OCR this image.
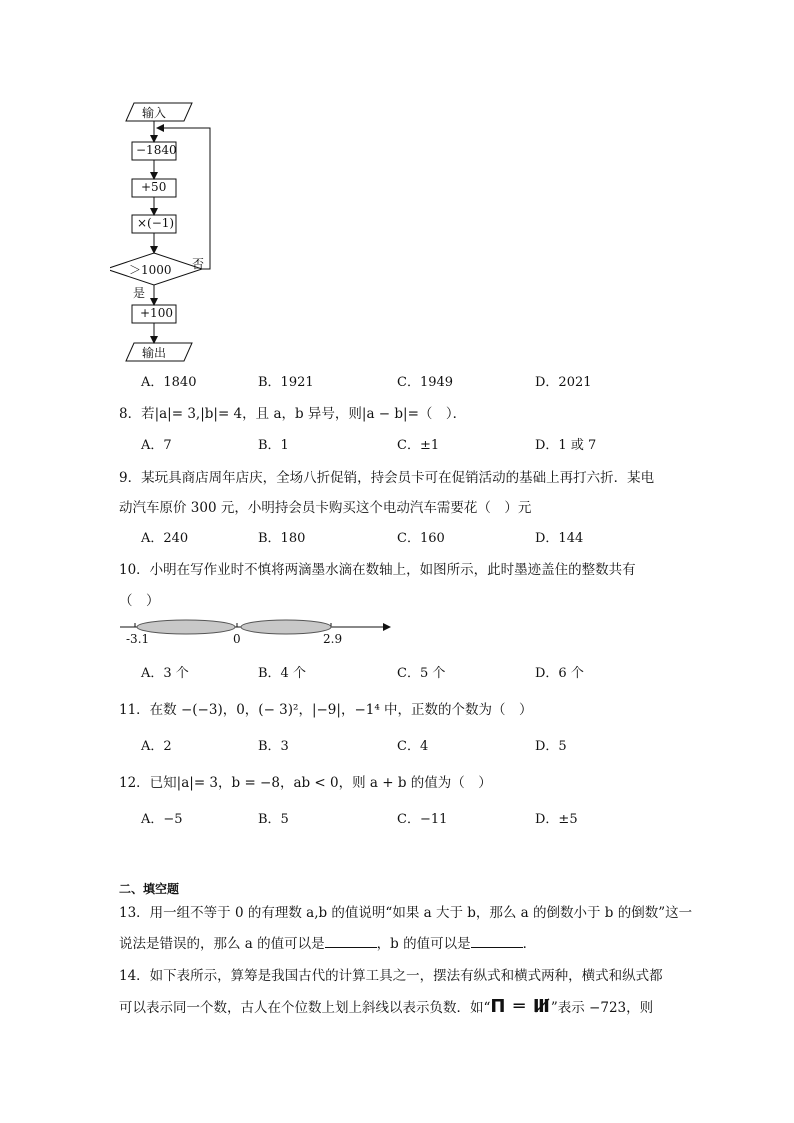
输入
−1840
+50
×(−1)
＞1000 否
是
+100
输出
A．1840	B．1921	C．1949	D．2021
8．若|a|= 3,|b|= 4，且 a，b 异号，则|a − b|=（　）．
A．7	B．1	C．±1	D．1 或 7
9．某玩具商店周年店庆，全场八折促销，持会员卡可在促销活动的基础上再打六折．某电
动汽车原价 300 元，小明持会员卡购买这个电动汽车需要花（　）元
A．240	B．180	C．160	D．144
10．小明在写作业时不慎将两滴墨水滴在数轴上，如图所示，此时墨迹盖住的整数共有
（　）
-3.1	0	2.9
A．3 个	B．4 个	C．5 个	D．6 个
11．在数 −(−3)，0，(− 3)²，|−9|，−1⁴ 中，正数的个数为（　）
A．2	B．3	C．4	D．5
12．已知|a|= 3，b = −8，ab < 0，则 a + b 的值为（　）
A．−5	B．5	C．−11	D．±5
二、填空题
13．用一组不等于 0 的有理数 a,b 的值说明“如果 a 大于 b，那么 a 的倒数小于 b 的倒数”这一
说法是错误的，那么 a 的值可以是	，b 的值可以是	．
14．如下表所示，算筹是我国古代的计算工具之一，摆法有纵式和横式两种，横式和纵式都
可以表示同一个数，古人在个位数上划上斜线以表示负数．如“Π ═ Ⅲ̸”表示 −723，则
